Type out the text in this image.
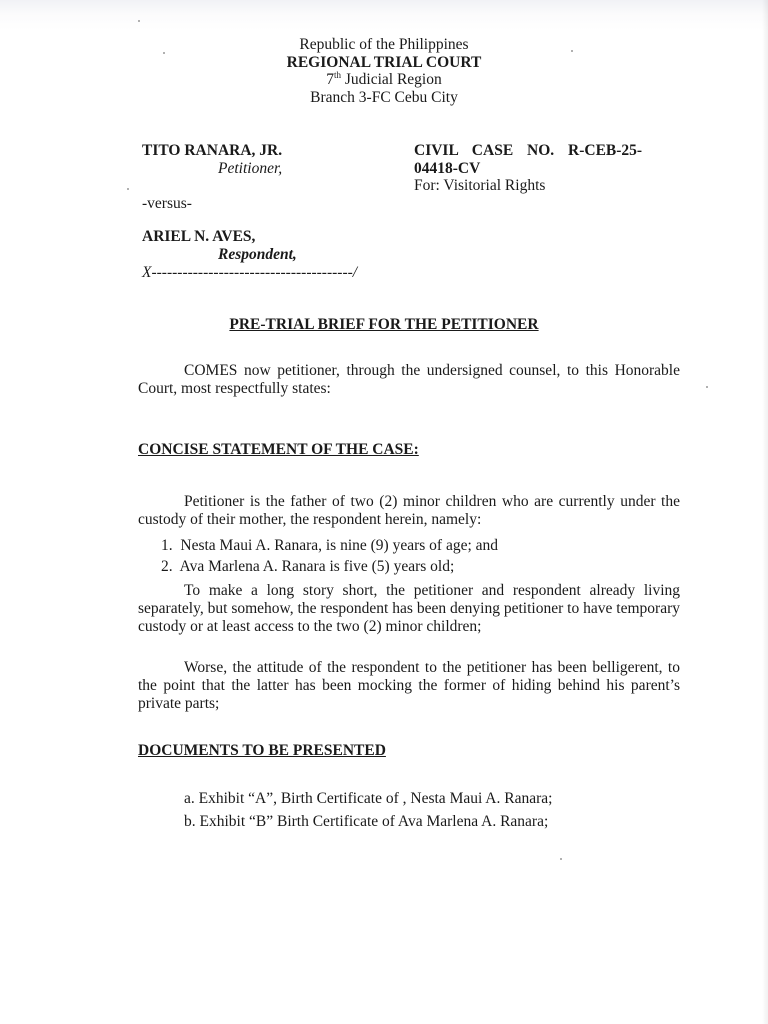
Republic of the Philippines
REGIONAL TRIAL COURT
7th Judicial Region
Branch 3-FC Cebu City
TITO RANARA, JR.
Petitioner,
-versus-
ARIEL N. AVES,
Respondent,
X---------------------------------------/
CIVIL CASE NO. R-CEB-25-
04418-CV
For: Visitorial Rights
PRE-TRIAL BRIEF FOR THE PETITIONER
COMES now petitioner, through the undersigned counsel, to this Honorable Court, most respectfully states:
CONCISE STATEMENT OF THE CASE:
Petitioner is the father of two (2) minor children who are currently under the custody of their mother, the respondent herein, namely:
1. Nesta Maui A. Ranara, is nine (9) years of age; and
2. Ava Marlena A. Ranara is five (5) years old;
To make a long story short, the petitioner and respondent already living separately, but somehow, the respondent has been denying petitioner to have temporary custody or at least access to the two (2) minor children;
Worse, the attitude of the respondent to the petitioner has been belligerent, to the point that the latter has been mocking the former of hiding behind his parent’s private parts;
DOCUMENTS TO BE PRESENTED
a. Exhibit “A”, Birth Certificate of , Nesta Maui A. Ranara;
b. Exhibit “B” Birth Certificate of Ava Marlena A. Ranara;
